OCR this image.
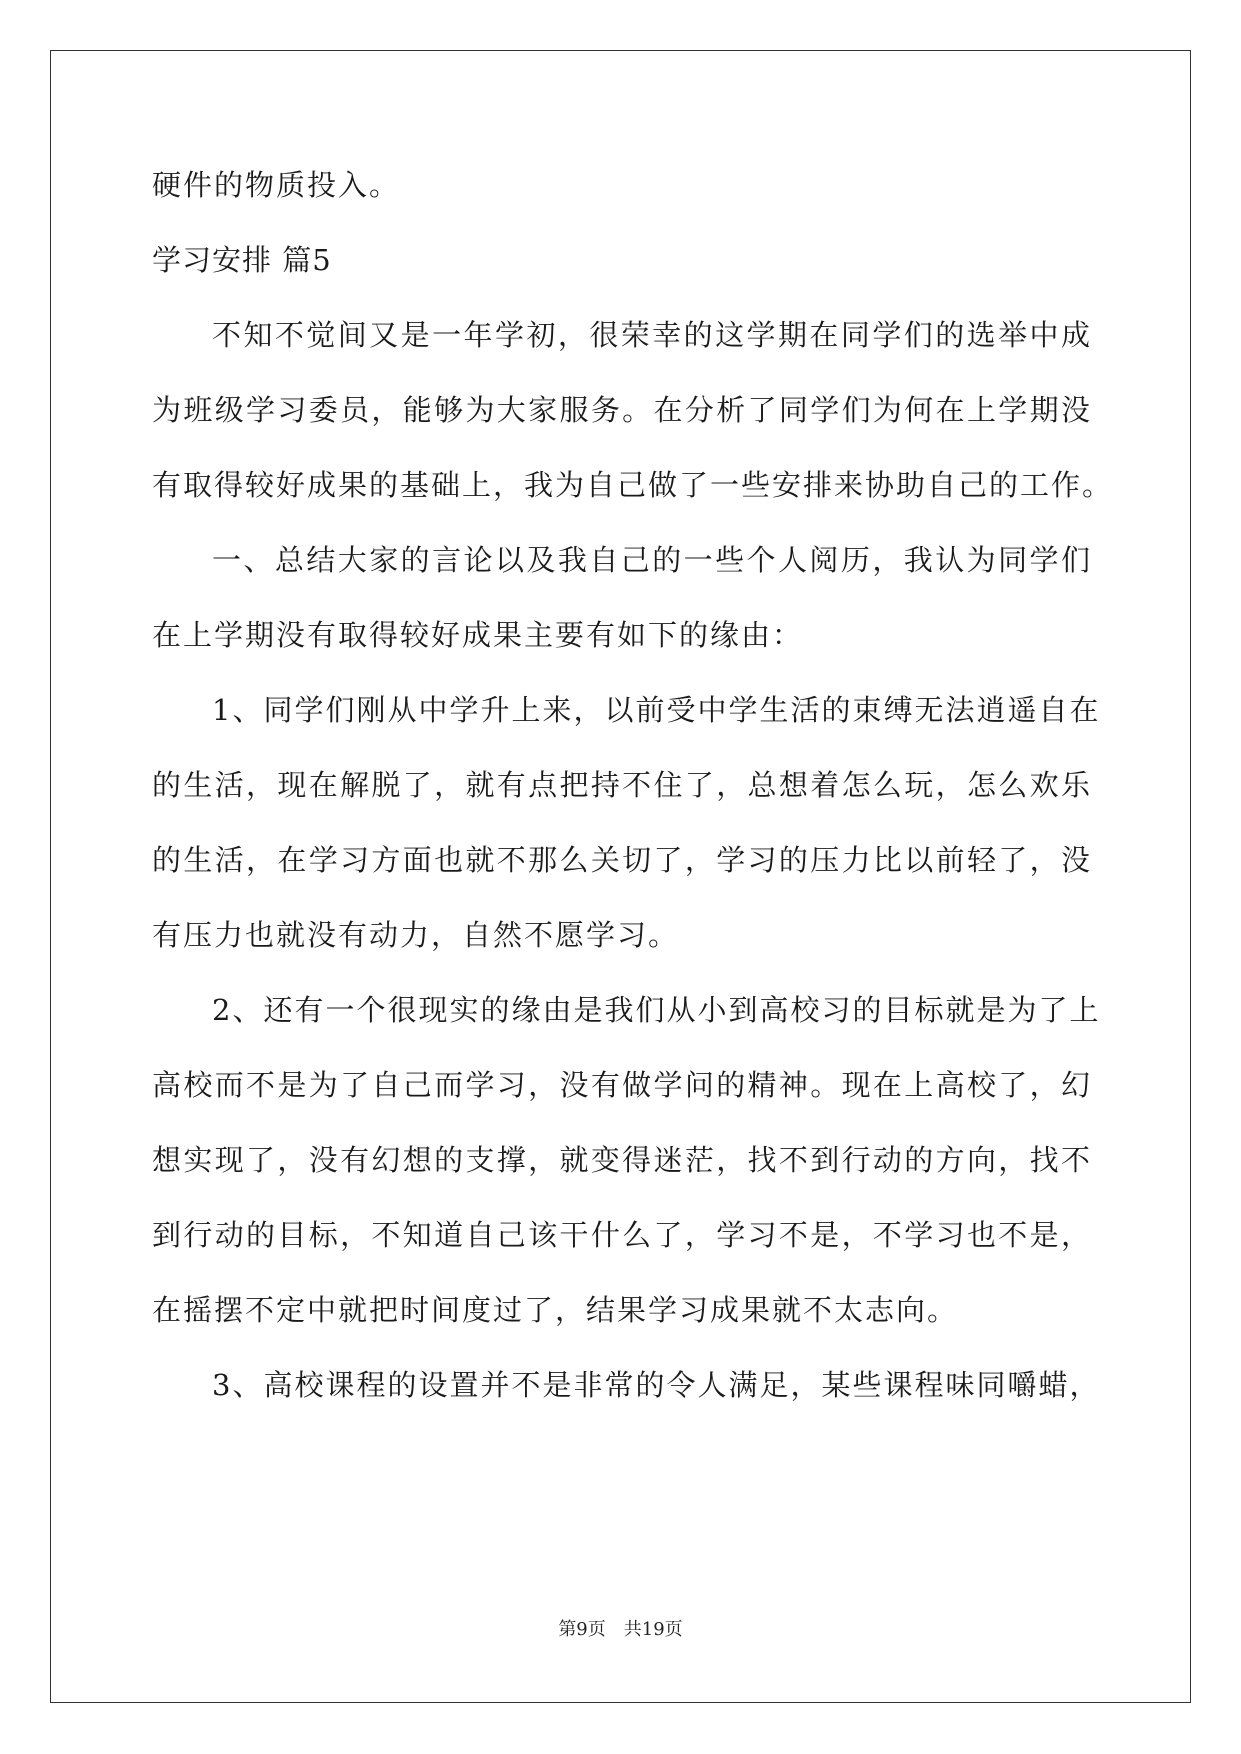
硬件的物质投入。
学习安排 篇5
不知不觉间又是一年学初，很荣幸的这学期在同学们的选举中成
为班级学习委员，能够为大家服务。在分析了同学们为何在上学期没
有取得较好成果的基础上，我为自己做了一些安排来协助自己的工作。
一、总结大家的言论以及我自己的一些个人阅历，我认为同学们
在上学期没有取得较好成果主要有如下的缘由：
1、同学们刚从中学升上来，以前受中学生活的束缚无法逍遥自在
的生活，现在解脱了，就有点把持不住了，总想着怎么玩，怎么欢乐
的生活，在学习方面也就不那么关切了，学习的压力比以前轻了，没
有压力也就没有动力，自然不愿学习。
2、还有一个很现实的缘由是我们从小到高校习的目标就是为了上
高校而不是为了自己而学习，没有做学问的精神。现在上高校了，幻
想实现了，没有幻想的支撑，就变得迷茫，找不到行动的方向，找不
到行动的目标，不知道自己该干什么了，学习不是，不学习也不是，
在摇摆不定中就把时间度过了，结果学习成果就不太志向。
3、高校课程的设置并不是非常的令人满足，某些课程味同嚼蜡，
第9页　共19页
